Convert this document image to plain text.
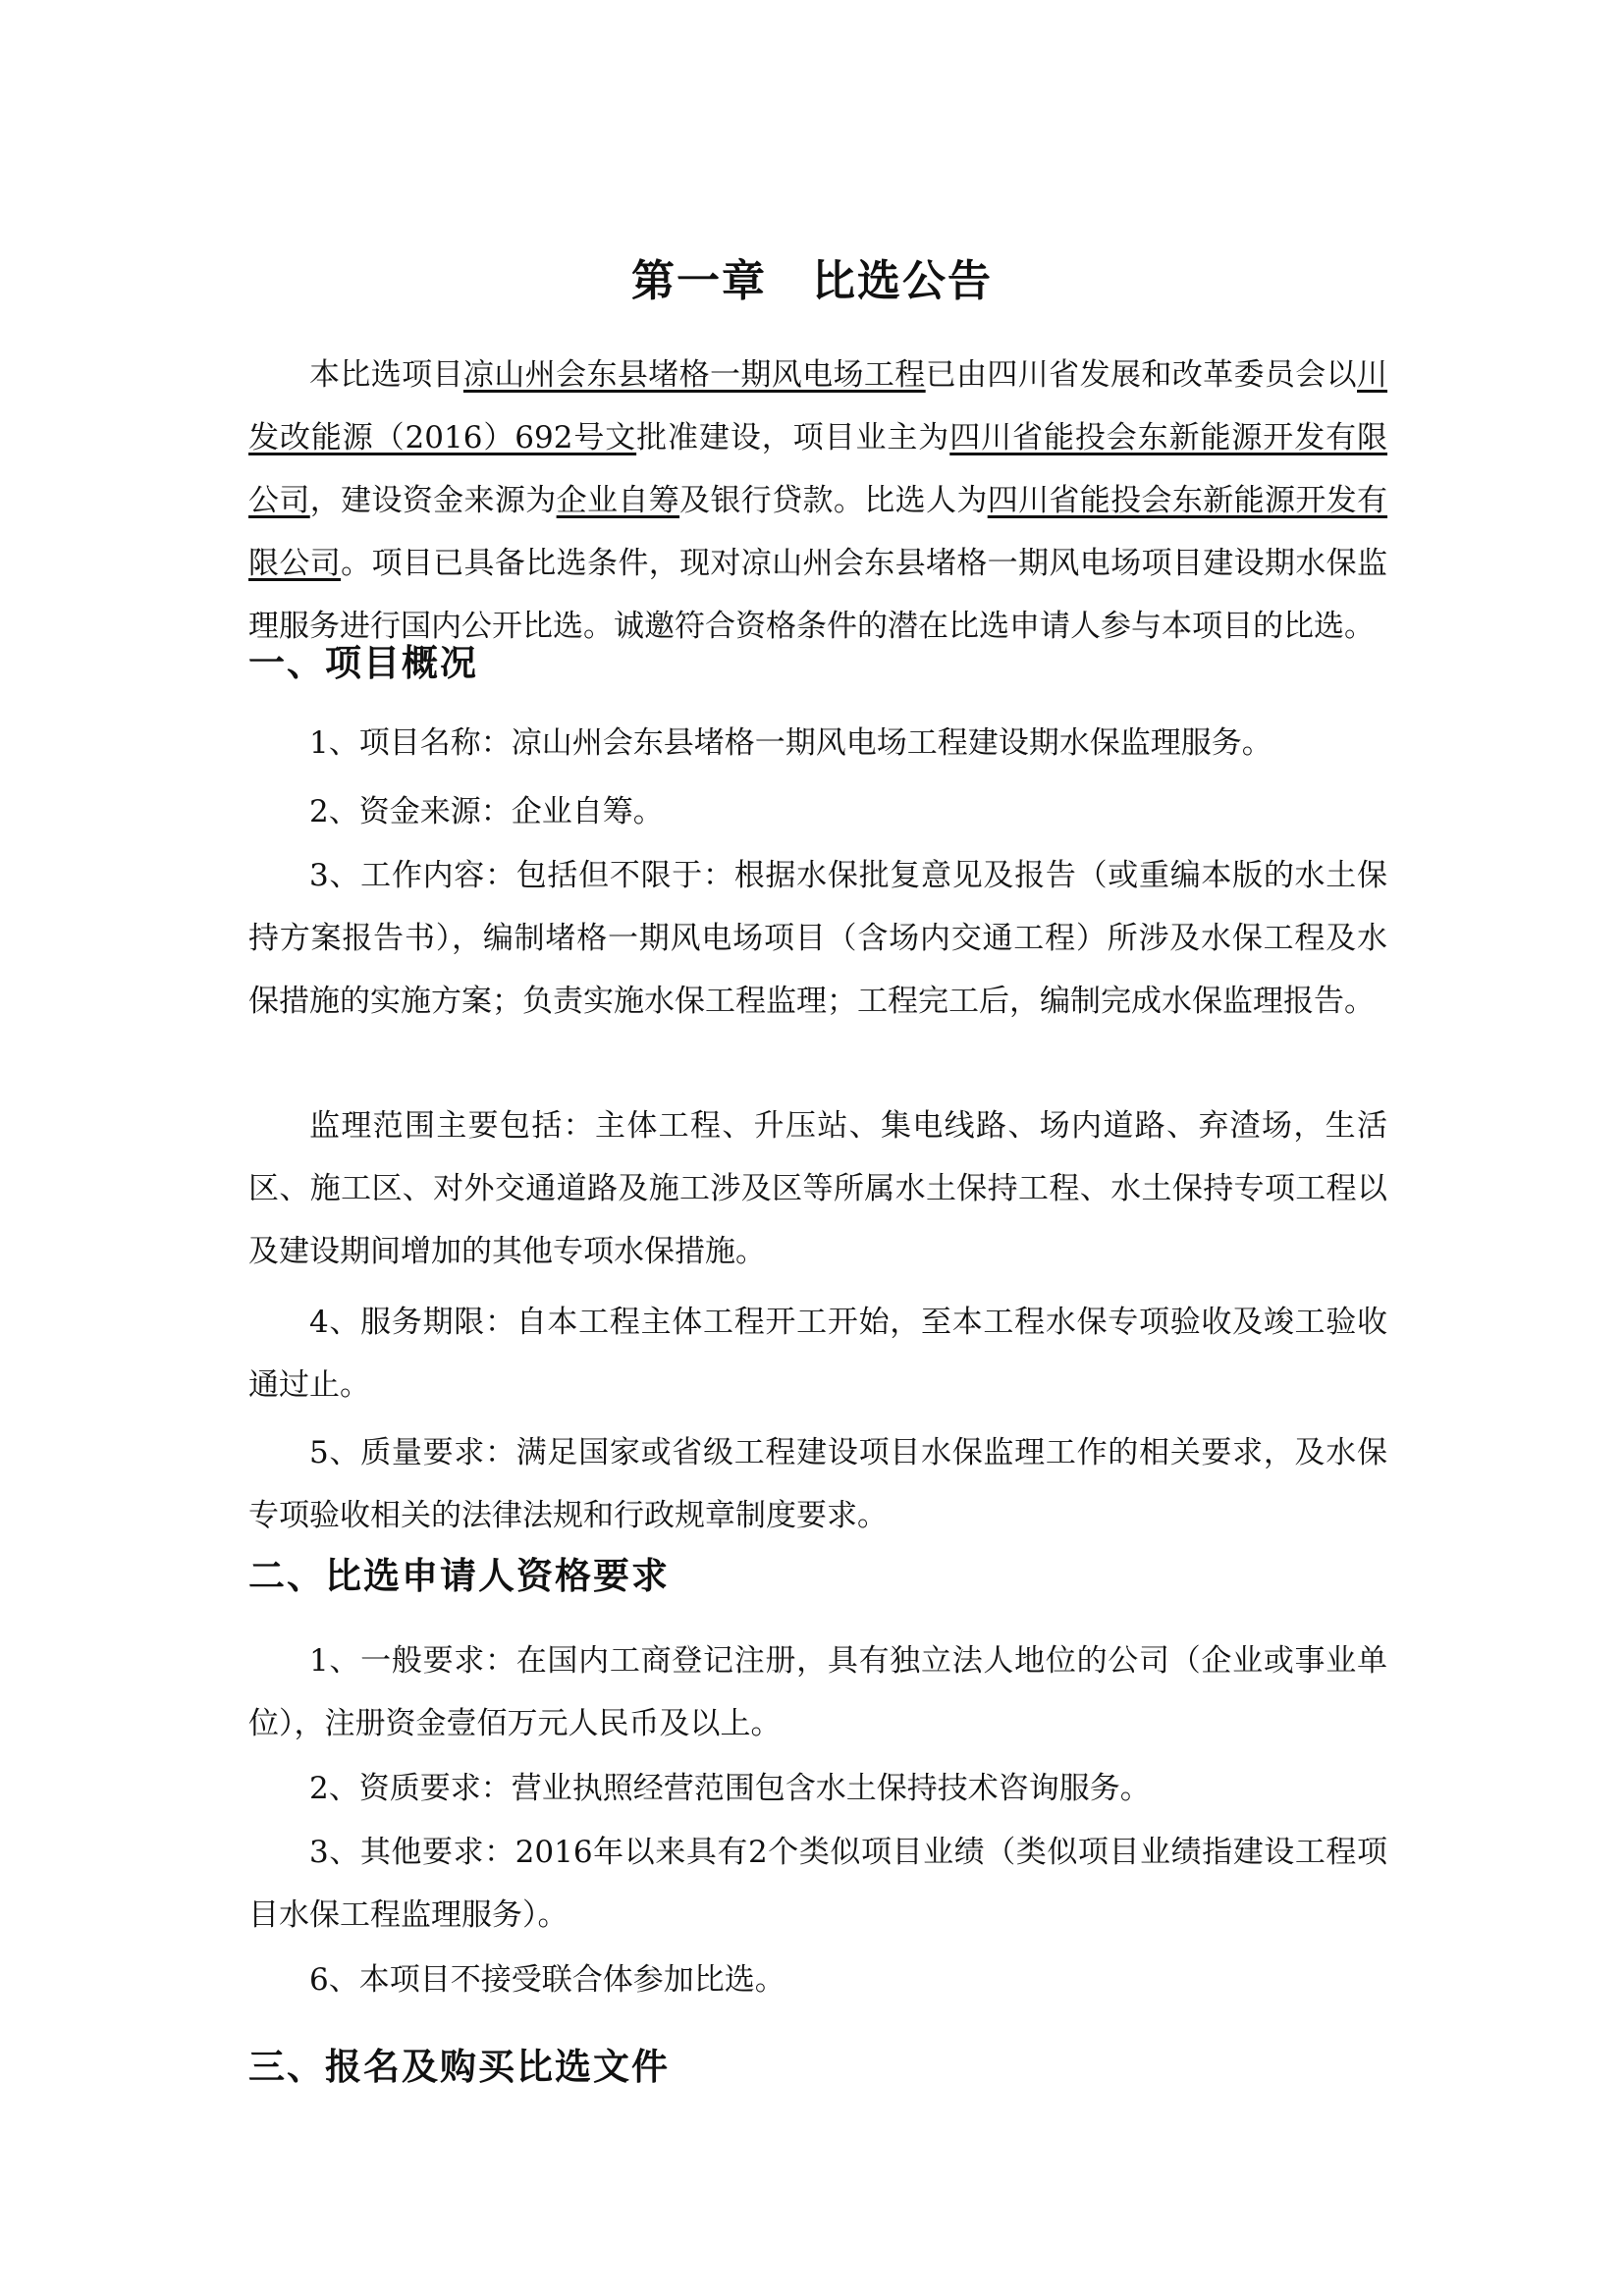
第一章　比选公告
本比选项目凉山州会东县堵格一期风电场工程已由四川省发展和改革委员会以川发改能源（2016）692号文批准建设，项目业主为四川省能投会东新能源开发有限公司，建设资金来源为企业自筹及银行贷款。比选人为四川省能投会东新能源开发有限公司。项目已具备比选条件，现对凉山州会东县堵格一期风电场项目建设期水保监理服务进行国内公开比选。诚邀符合资格条件的潜在比选申请人参与本项目的比选。
一、项目概况
1、项目名称：凉山州会东县堵格一期风电场工程建设期水保监理服务。
2、资金来源：企业自筹。
3、工作内容：包括但不限于：根据水保批复意见及报告（或重编本版的水土保持方案报告书），编制堵格一期风电场项目（含场内交通工程）所涉及水保工程及水保措施的实施方案；负责实施水保工程监理；工程完工后，编制完成水保监理报告。
监理范围主要包括：主体工程、升压站、集电线路、场内道路、弃渣场，生活区、施工区、对外交通道路及施工涉及区等所属水土保持工程、水土保持专项工程以及建设期间增加的其他专项水保措施。
4、服务期限：自本工程主体工程开工开始，至本工程水保专项验收及竣工验收通过止。
5、质量要求：满足国家或省级工程建设项目水保监理工作的相关要求，及水保专项验收相关的法律法规和行政规章制度要求。
二、比选申请人资格要求
1、一般要求：在国内工商登记注册，具有独立法人地位的公司（企业或事业单位），注册资金壹佰万元人民币及以上。
2、资质要求：营业执照经营范围包含水土保持技术咨询服务。
3、其他要求：2016年以来具有2个类似项目业绩（类似项目业绩指建设工程项目水保工程监理服务）。
6、本项目不接受联合体参加比选。
三、报名及购买比选文件
